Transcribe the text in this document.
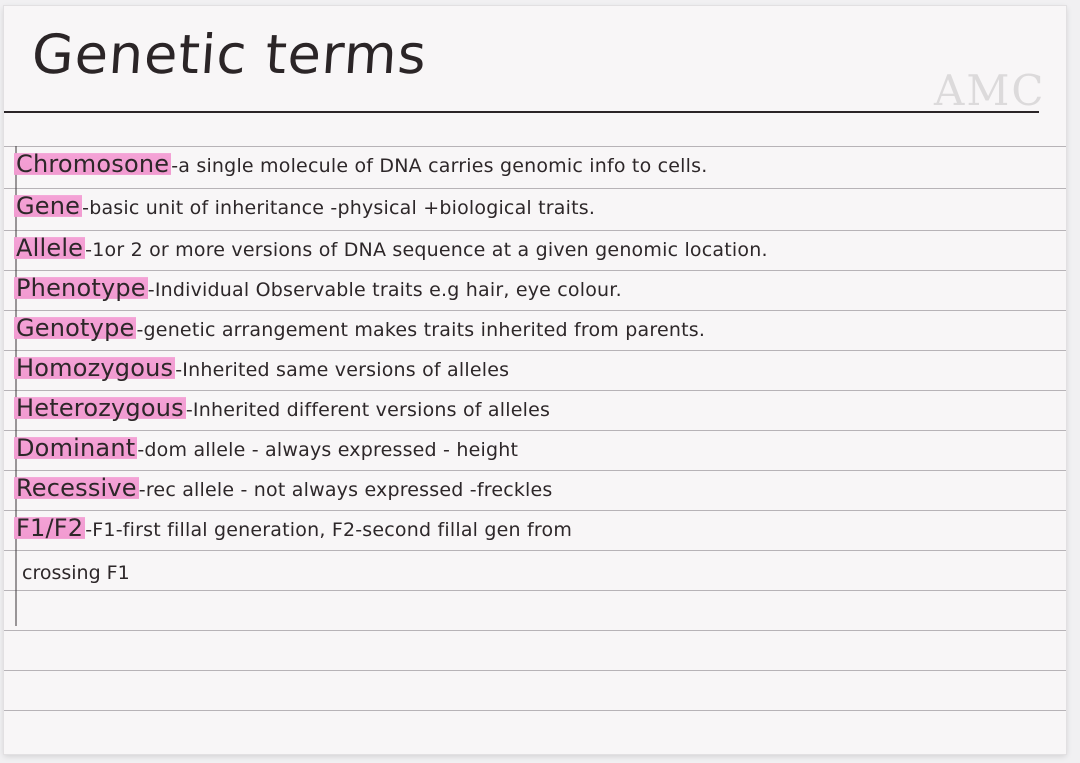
Genetic terms
AMC
Chromosone -a single molecule of DNA carries genomic info to cells.
Gene -basic unit of inheritance -physical +biological traits.
Allele -1or 2 or more versions of DNA sequence at a given genomic location.
Phenotype -Individual Observable traits e.g hair, eye colour.
Genotype -genetic arrangement makes traits inherited from parents.
Homozygous -Inherited same versions of alleles
Heterozygous -Inherited different versions of alleles
Dominant -dom allele - always expressed - height
Recessive -rec allele - not always expressed -freckles
F1/F2 -F1-first fillal generation, F2-second fillal gen from
crossing F1
